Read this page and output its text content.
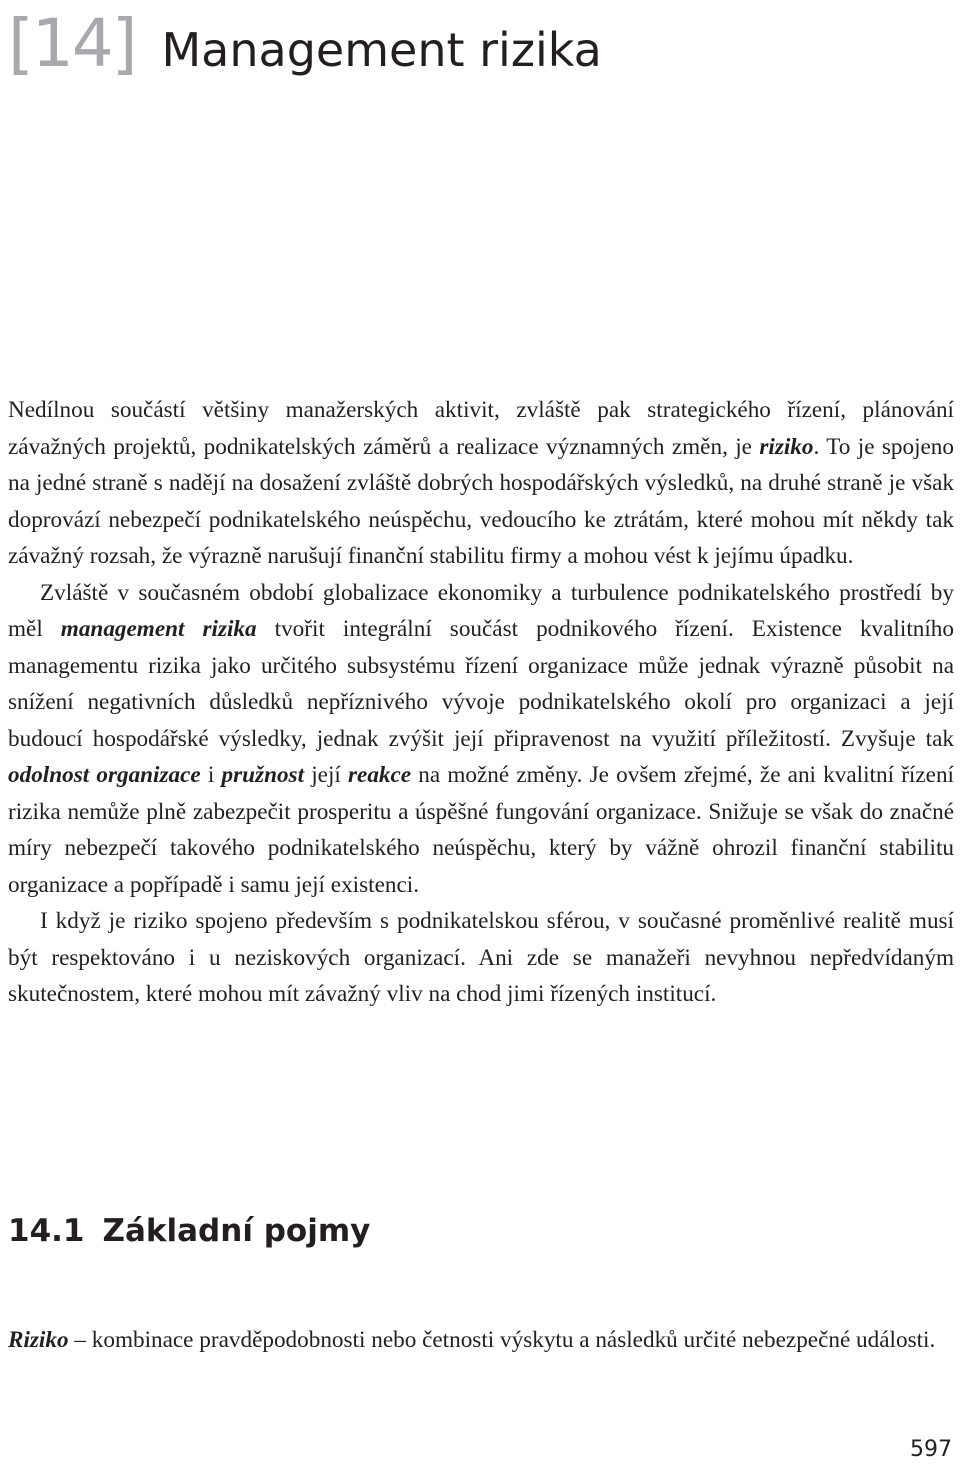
[14] Management rizika

Nedílnou součástí většiny manažerských aktivit, zvláště pak strategického řízení, plánování závažných projektů, podnikatelských záměrů a realizace významných změn, je riziko. To je spojeno na jedné straně s nadějí na dosažení zvláště dobrých hospodářských výsledků, na druhé straně je však doprovází nebezpečí podnikatelského neúspěchu, vedoucího ke ztrátám, které mohou mít někdy tak závažný rozsah, že výrazně narušují finanční stabilitu firmy a mohou vést k jejímu úpadku.

Zvláště v současném období globalizace ekonomiky a turbulence podnikatelského prostředí by měl management rizika tvořit integrální součást podnikového řízení. Existence kvalitního managementu rizika jako určitého subsystému řízení organizace může jednak výrazně působit na snížení negativních důsledků nepříznivého vývoje podnikatelského okolí pro organizaci a její budoucí hospodářské výsledky, jednak zvýšit její připravenost na využití příležitostí. Zvyšuje tak odolnost organizace i pružnost její reakce na možné změny. Je ovšem zřejmé, že ani kvalitní řízení rizika nemůže plně zabezpečit prosperitu a úspěšné fungování organizace. Snižuje se však do značné míry nebezpečí takového podnikatelského neúspěchu, který by vážně ohrozil finanční stabilitu organizace a popřípadě i samu její existenci.

I když je riziko spojeno především s podnikatelskou sférou, v současné proměnlivé realitě musí být respektováno i u neziskových organizací. Ani zde se manažeři nevyhnou nepředvídaným skutečnostem, které mohou mít závažný vliv na chod jimi řízených institucí.

14.1 Základní pojmy

Riziko – kombinace pravděpodobnosti nebo četnosti výskytu a následků určité nebezpečné události.

597
